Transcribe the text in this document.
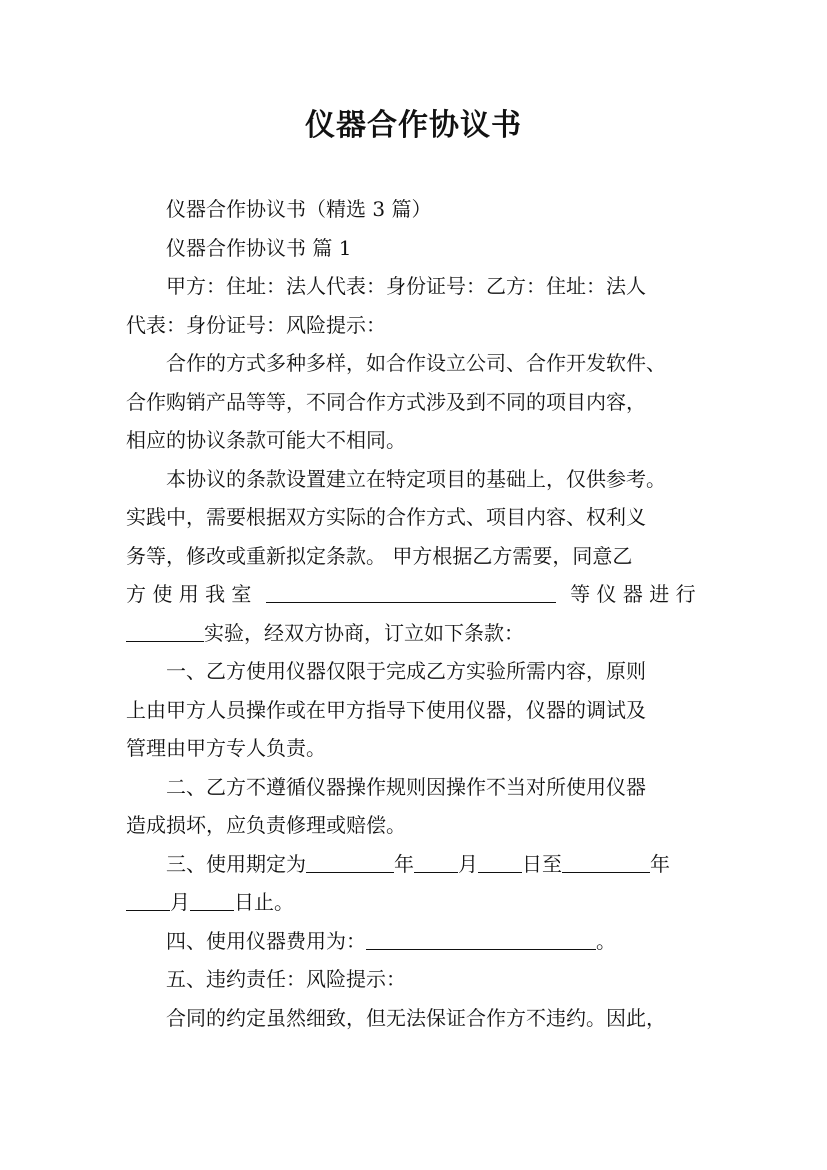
仪器合作协议书
仪器合作协议书（精选 3 篇）
仪器合作协议书 篇 1
甲方：住址：法人代表：身份证号：乙方：住址：法人
代表：身份证号：风险提示：
合作的方式多种多样，如合作设立公司、合作开发软件、
合作购销产品等等，不同合作方式涉及到不同的项目内容，
相应的协议条款可能大不相同。
本协议的条款设置建立在特定项目的基础上，仅供参考。
实践中，需要根据双方实际的合作方式、项目内容、权利义
务等，修改或重新拟定条款。 甲方根据乙方需要，同意乙
方 使 用 我 室	等 仪 器 进 行
实验，经双方协商，订立如下条款：
一、乙方使用仪器仅限于完成乙方实验所需内容，原则
上由甲方人员操作或在甲方指导下使用仪器，仪器的调试及
管理由甲方专人负责。
二、乙方不遵循仪器操作规则因操作不当对所使用仪器
造成损坏，应负责修理或赔偿。
三、使用期定为	年 月 日至	年
月 日止。
四、使用仪器费用为：	。
五、违约责任：风险提示：
合同的约定虽然细致，但无法保证合作方不违约。因此，
